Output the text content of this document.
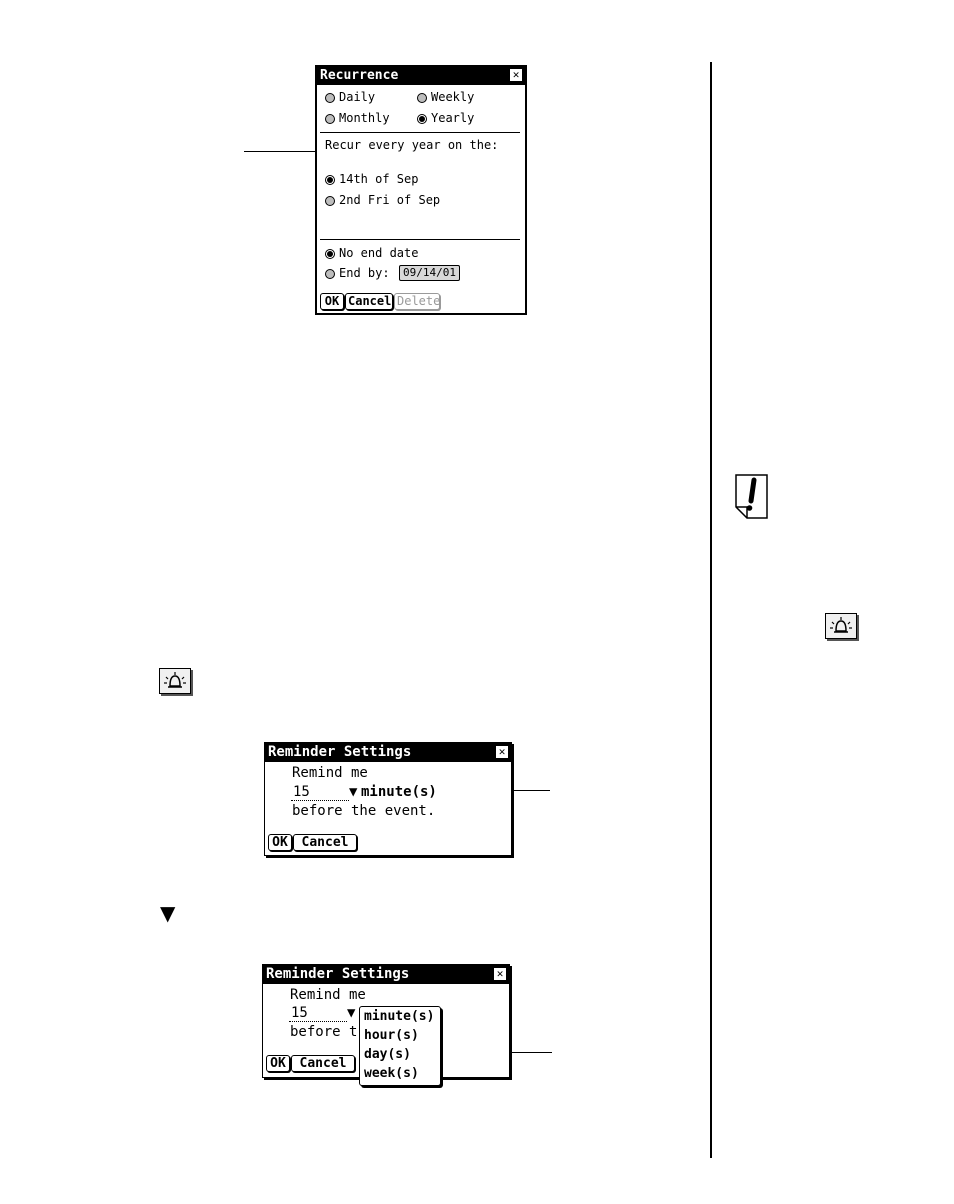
Recurrence	✕
Daily	Weekly
Monthly	Yearly
Recur every year on the:
14th of Sep
2nd Fri of Sep
No end date
End by:	09/14/01
OK Cancel Delete
Reminder Settings	✕
Remind me
15	▼ minute(s)
before the event.
OK	Cancel
▼
Reminder Settings	✕
Remind me
15	▼
before t
OK	Cancel
minute(s)
hour(s)
day(s)
week(s)
